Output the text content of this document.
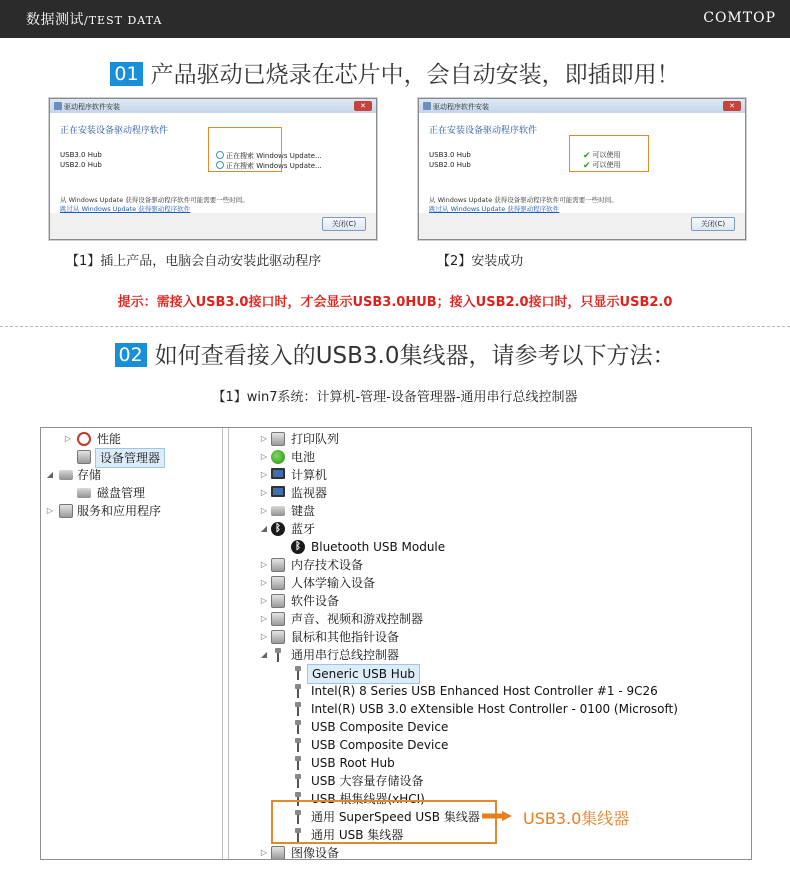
数据测试/TEST DATA	COMTOP
01 产品驱动已烧录在芯片中，会自动安装，即插即用！
驱动程序软件安装	✕
正在安装设备驱动程序软件
USB3.0 Hub
USB2.0 Hub
正在搜索 Windows Update...
正在搜索 Windows Update...
从 Windows Update 获得设备驱动程序软件可能需要一些时间。
跳过从 Windows Update 获得驱动程序软件
关闭(C)
驱动程序软件安装	✕
正在安装设备驱动程序软件
USB3.0 Hub
USB2.0 Hub
✔ 可以使用
✔ 可以使用
从 Windows Update 获得设备驱动程序软件可能需要一些时间。
跳过从 Windows Update 获得驱动程序软件
关闭(C)
【1】插上产品，电脑会自动安装此驱动程序	【2】安装成功
提示：需接入USB3.0接口时，才会显示USB3.0HUB；接入USB2.0接口时，只显示USB2.0
02 如何查看接入的USB3.0集线器，请参考以下方法：
【1】win7系统：计算机-管理-设备管理器-通用串行总线控制器
▷ 性能
设备管理器
◢ 存储
磁盘管理
▷ 服务和应用程序
▷ 打印队列
▷ 电池
▷ 计算机
▷ 监视器
▷ 键盘
◢ ᛒ 蓝牙
ᛒ Bluetooth USB Module
▷ 内存技术设备
▷ 人体学输入设备
▷ 软件设备
▷ 声音、视频和游戏控制器
▷ 鼠标和其他指针设备
◢ 通用串行总线控制器
Generic USB Hub
Intel(R) 8 Series USB Enhanced Host Controller #1 - 9C26
Intel(R) USB 3.0 eXtensible Host Controller - 0100 (Microsoft)
USB Composite Device
USB Composite Device
USB Root Hub
USB 大容量存储设备
USB 根集线器(xHCI)
通用 SuperSpeed USB 集线器
通用 USB 集线器
▷ 图像设备
USB3.0集线器
